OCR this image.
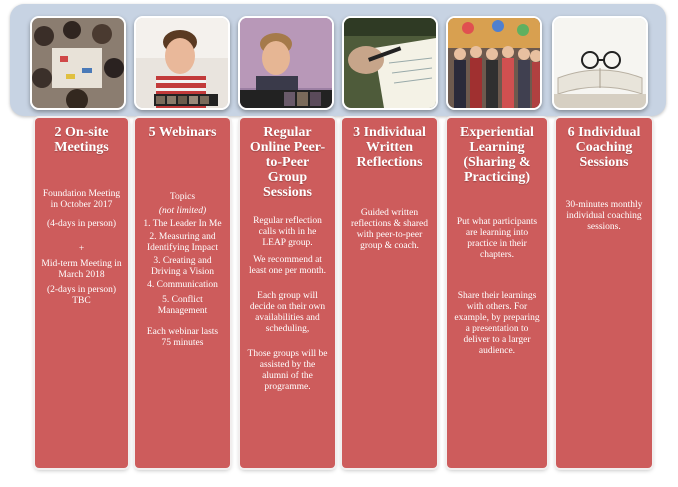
2 On-site Meetings

Foundation Meeting in October 2017

(4-days in person)

+

Mid-term Meeting in March 2018

(2-days in person) TBC

5 Webinars

Topics

(not limited)

1. The Leader In Me

2. Measuring and Identifying Impact

3. Creating and Driving a Vision

4. Communication

5. Conflict Management

Each webinar lasts 75 minutes

Regular Online Peer-to-Peer Group Sessions

Regular reflection calls with in he LEAP group.

We recommend at least one per month.

Each group will decide on their own availabilities and scheduling,

Those groups will be assisted by the alumni of the programme.

3 Individual Written Reflections

Guided written reflections & shared with peer-to-peer group & coach.

Experiential Learning (Sharing & Practicing)

Put what participants are learning into practice in their chapters.

Share their learnings with others. For example, by preparing a presentation to deliver to a larger audience.

6 Individual Coaching Sessions

30-minutes monthly individual coaching sessions.
